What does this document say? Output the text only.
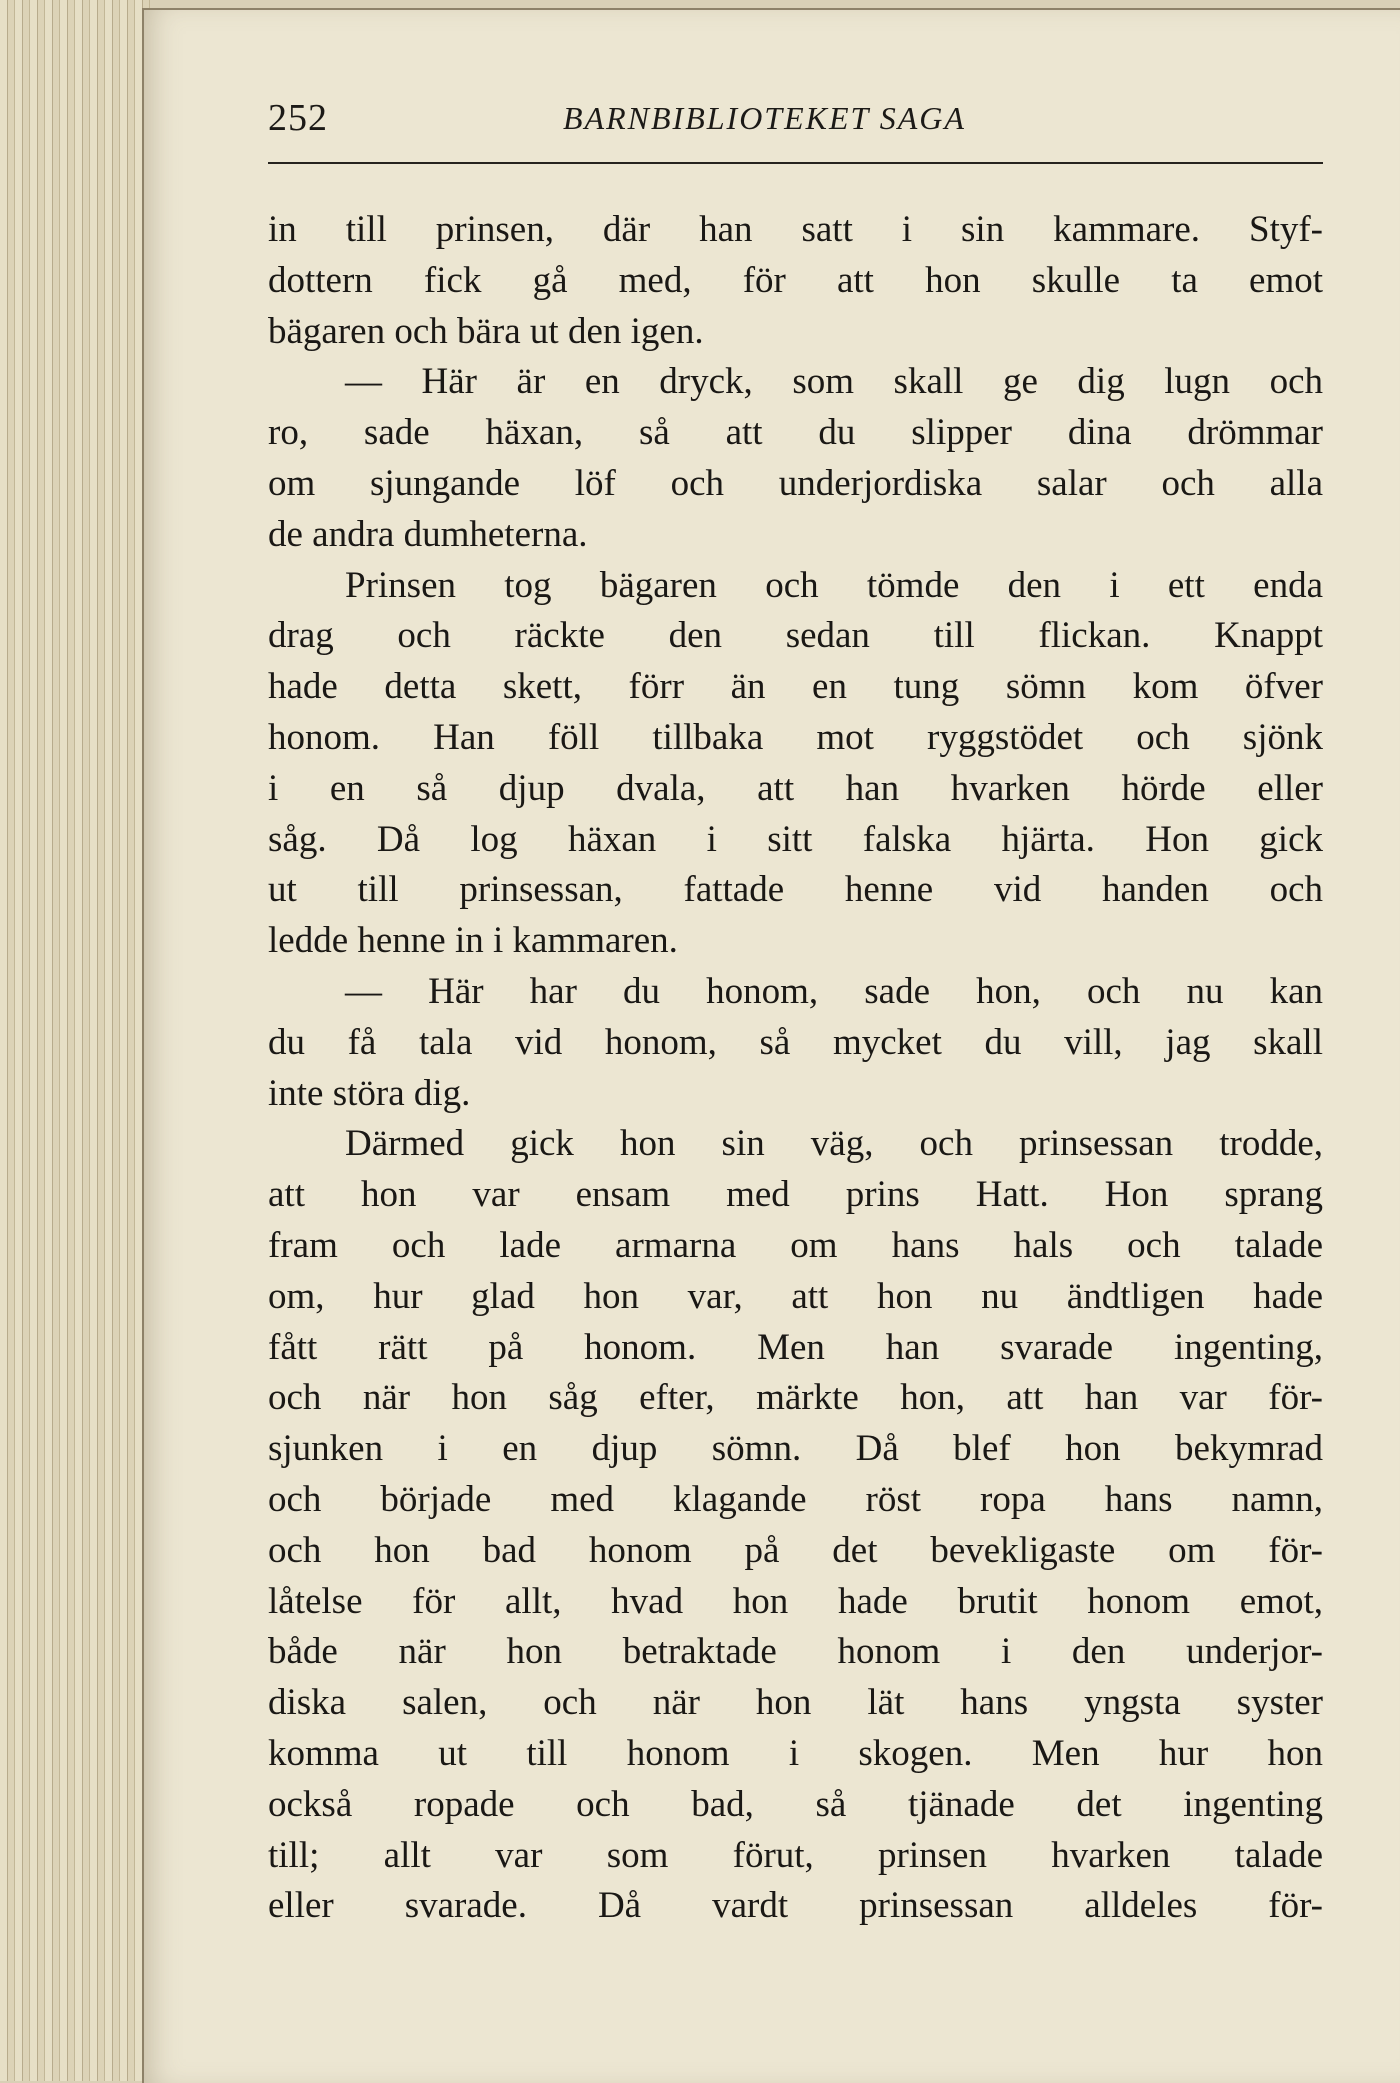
252	BARNBIBLIOTEKET SAGA
in till prinsen, där han satt i sin kammare. Styf-
dottern fick gå med, för att hon skulle ta emot
bägaren och bära ut den igen.
— Här är en dryck, som skall ge dig lugn och
ro, sade häxan, så att du slipper dina drömmar
om sjungande löf och underjordiska salar och alla
de andra dumheterna.
Prinsen tog bägaren och tömde den i ett enda
drag och räckte den sedan till flickan. Knappt
hade detta skett, förr än en tung sömn kom öfver
honom. Han föll tillbaka mot ryggstödet och sjönk
i en så djup dvala, att han hvarken hörde eller
såg. Då log häxan i sitt falska hjärta. Hon gick
ut till prinsessan, fattade henne vid handen och
ledde henne in i kammaren.
— Här har du honom, sade hon, och nu kan
du få tala vid honom, så mycket du vill, jag skall
inte störa dig.
Därmed gick hon sin väg, och prinsessan trodde,
att hon var ensam med prins Hatt. Hon sprang
fram och lade armarna om hans hals och talade
om, hur glad hon var, att hon nu ändtligen hade
fått rätt på honom. Men han svarade ingenting,
och när hon såg efter, märkte hon, att han var för-
sjunken i en djup sömn. Då blef hon bekymrad
och började med klagande röst ropa hans namn,
och hon bad honom på det bevekligaste om för-
låtelse för allt, hvad hon hade brutit honom emot,
både när hon betraktade honom i den underjor-
diska salen, och när hon lät hans yngsta syster
komma ut till honom i skogen. Men hur hon
också ropade och bad, så tjänade det ingenting
till; allt var som förut, prinsen hvarken talade
eller svarade. Då vardt prinsessan alldeles för-
